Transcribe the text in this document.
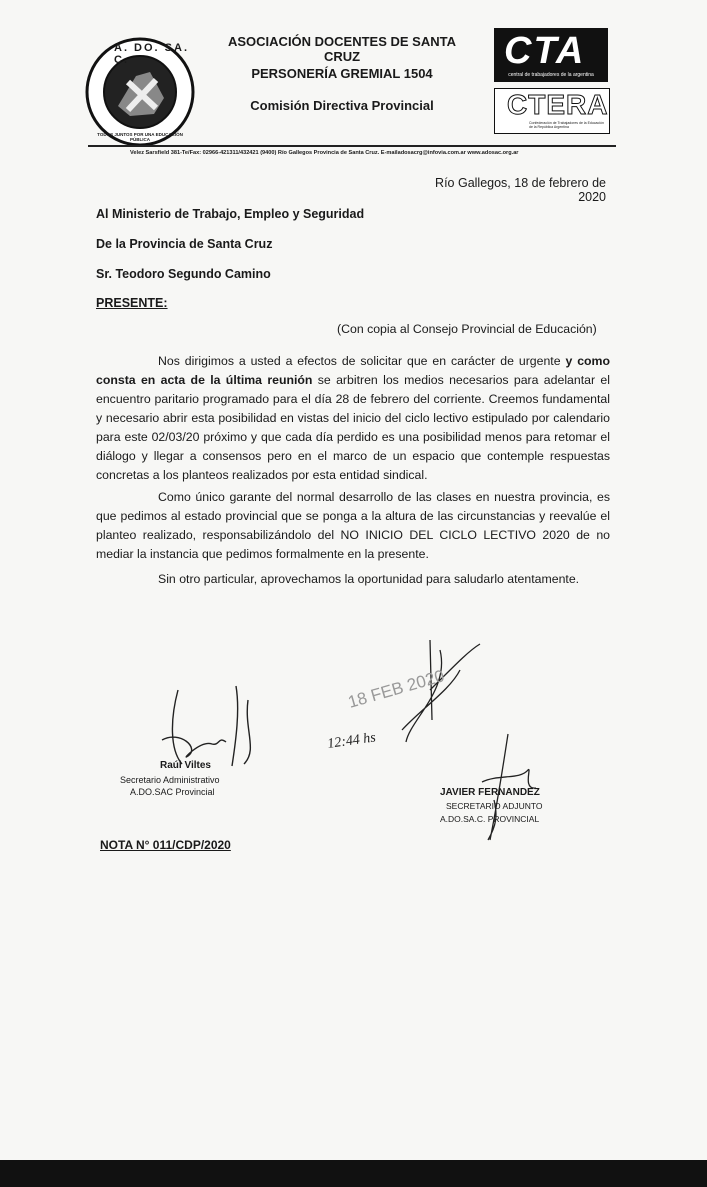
A. DO. SA. C.
TODOS JUNTOS POR UNA EDUCACIÓN PÚBLICA
ASOCIACIÓN DOCENTES DE SANTA CRUZ
PERSONERÍA GREMIAL 1504
Comisión Directiva Provincial
CTA
central de trabajadores de la argentina
CTERA
Confederación de Trabajadores de la Educación de la República Argentina
Velez Sarsfield 381-Te/Fax: 02966-421311/432421 (9400) Río Gallegos Provincia de Santa Cruz. E-mailadosacrg@infovia.com.ar www.adosac.org.ar
Río Gallegos, 18 de febrero de 2020
Al Ministerio de Trabajo, Empleo y Seguridad
De la Provincia de Santa Cruz
Sr. Teodoro Segundo Camino
PRESENTE:
(Con copia al Consejo Provincial de Educación)
Nos dirigimos a usted a efectos de solicitar que en carácter de urgente y como consta en acta de la última reunión se arbitren los medios necesarios para adelantar el encuentro paritario programado para el día 28 de febrero del corriente. Creemos fundamental y necesario abrir esta posibilidad en vistas del inicio del ciclo lectivo estipulado por calendario para este 02/03/20 próximo y que cada día perdido es una posibilidad menos para retomar el diálogo y llegar a consensos pero en el marco de un espacio que contemple respuestas concretas a los planteos realizados por esta entidad sindical.
Como único garante del normal desarrollo de las clases en nuestra provincia, es que pedimos al estado provincial que se ponga a la altura de las circunstancias y reevalúe el planteo realizado, responsabilizándolo del NO INICIO DEL CICLO LECTIVO 2020 de no mediar la instancia que pedimos formalmente en la presente.
Sin otro particular, aprovechamos la oportunidad para saludarlo atentamente.
Raúl Viltes
Secretario Administrativo
A.DO.SAC Provincial
18 FEB 2020
12:44 hs
JAVIER FERNANDEZ
SECRETARIO ADJUNTO
A.DO.SA.C. PROVINCIAL
NOTA N° 011/CDP/2020
